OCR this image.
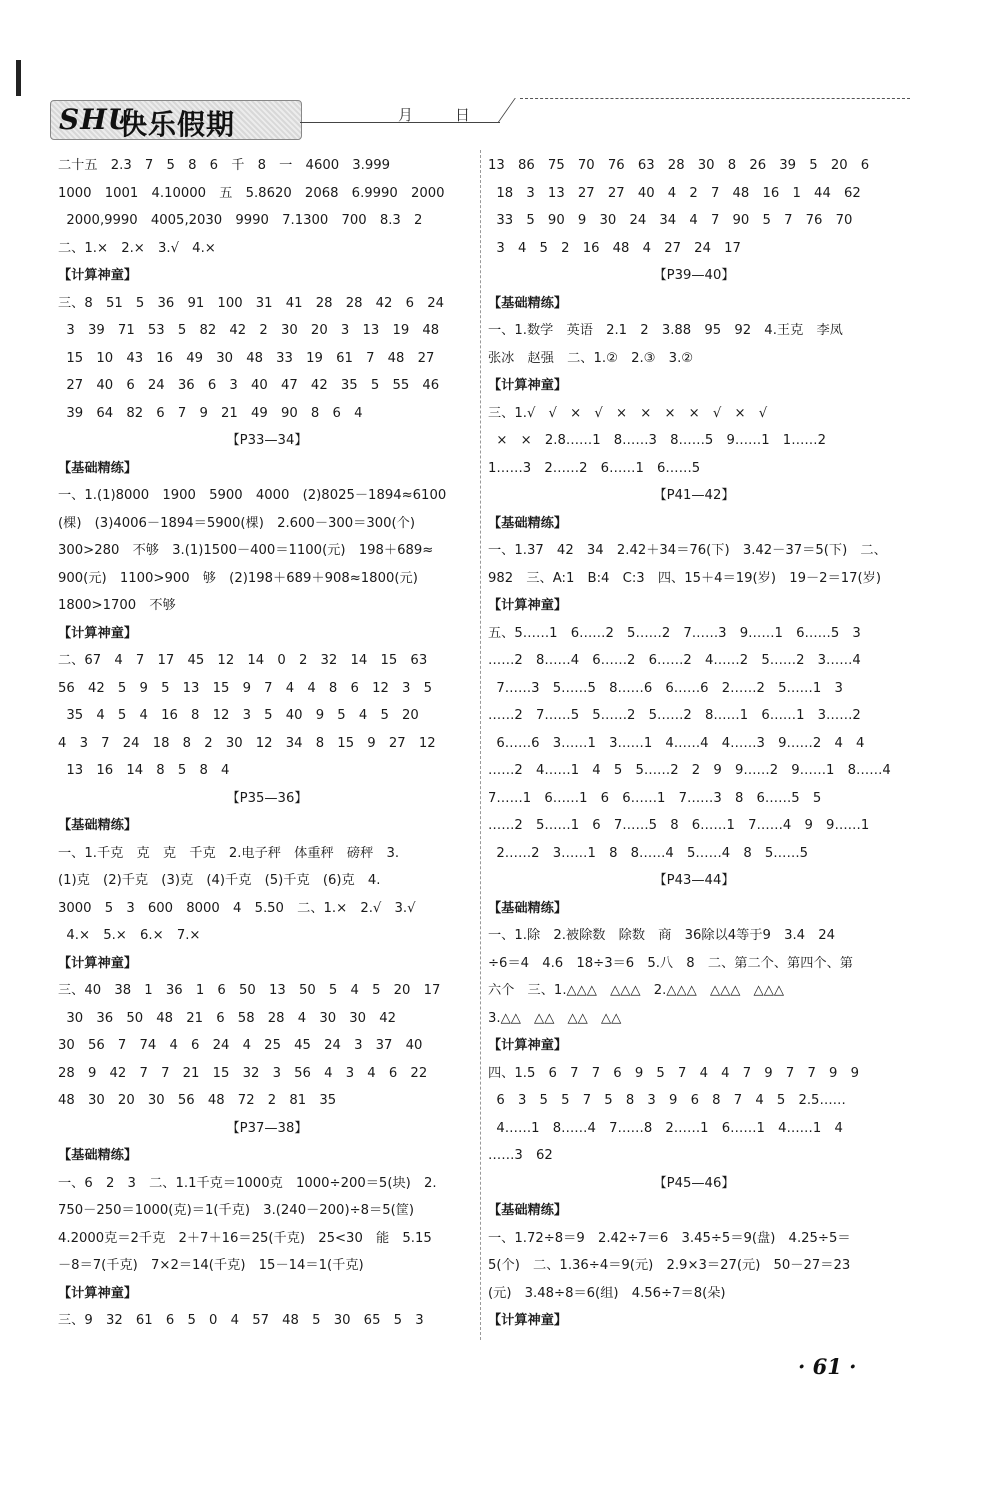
SHU
快乐假期	月	日
二十五　2.3　7　5　8　6　千　8　一　4600　3.999
1000　1001　4.10000　五　5.8620　2068　6.9990　2000
2000,9990　4005,2030　9990　7.1300　700　8.3　2
二、1.×　2.×　3.√　4.×
【计算神童】
三、8　51　5　36　91　100　31　41　28　28　42　6　24
3　39　71　53　5　82　42　2　30　20　3　13　19　48
15　10　43　16　49　30　48　33　19　61　7　48　27
27　40　6　24　36　6　3　40　47　42　35　5　55　46
39　64　82　6　7　9　21　49　90　8　6　4
【P33—34】
【基础精练】
一、1.(1)8000　1900　5900　4000　(2)8025－1894≈6100
(棵)　(3)4006－1894＝5900(棵)　2.600－300＝300(个)
300>280　不够　3.(1)1500－400＝1100(元)　198＋689≈
900(元)　1100>900　够　(2)198＋689＋908≈1800(元)
1800>1700　不够
【计算神童】
二、67　4　7　17　45　12　14　0　2　32　14　15　63
56　42　5　9　5　13　15　9　7　4　4　8　6　12　3　5
35　4　5　4　16　8　12　3　5　40　9　5　4　5　20
4　3　7　24　18　8　2　30　12　34　8　15　9　27　12
13　16　14　8　5　8　4
【P35—36】
【基础精练】
一、1.千克　克　克　千克　2.电子秤　体重秤　磅秤　3.
(1)克　(2)千克　(3)克　(4)千克　(5)千克　(6)克　4.
3000　5　3　600　8000　4　5.50　二、1.×　2.√　3.√
4.×　5.×　6.×　7.×
【计算神童】
三、40　38　1　36　1　6　50　13　50　5　4　5　20　17
30　36　50　48　21　6　58　28　4　30　30　42
30　56　7　74　4　6　24　4　25　45　24　3　37　40
28　9　42　7　7　21　15　32　3　56　4　3　4　6　22
48　30　20　30　56　48　72　2　81　35
【P37—38】
【基础精练】
一、6　2　3　二、1.1千克＝1000克　1000÷200＝5(块)　2.
750－250＝1000(克)＝1(千克)　3.(240－200)÷8＝5(筐)
4.2000克＝2千克　2＋7＋16＝25(千克)　25<30　能　5.15
－8＝7(千克)　7×2＝14(千克)　15－14＝1(千克)
【计算神童】
三、9　32　61　6　5　0　4　57　48　5　30　65　5　3
13　86　75　70　76　63　28　30　8　26　39　5　20　6
18　3　13　27　27　40　4　2　7　48　16　1　44　62
33　5　90　9　30　24　34　4　7　90　5　7　76　70
3　4　5　2　16　48　4　27　24　17
【P39—40】
【基础精练】
一、1.数学　英语　2.1　2　3.88　95　92　4.王克　李凤
张冰　赵强　二、1.②　2.③　3.②
【计算神童】
三、1.√　√　×　√　×　×　×　×　√　×　√
×　×　2.8……1　8……3　8……5　9……1　1……2
1……3　2……2　6……1　6……5
【P41—42】
【基础精练】
一、1.37　42　34　2.42＋34＝76(下)　3.42－37＝5(下)　二、
982　三、A:1　B:4　C:3　四、15＋4＝19(岁)　19－2＝17(岁)
【计算神童】
五、5……1　6……2　5……2　7……3　9……1　6……5　3
……2　8……4　6……2　6……2　4……2　5……2　3……4
7……3　5……5　8……6　6……6　2……2　5……1　3
……2　7……5　5……2　5……2　8……1　6……1　3……2
6……6　3……1　3……1　4……4　4……3　9……2　4　4
……2　4……1　4　5　5……2　2　9　9……2　9……1　8……4
7……1　6……1　6　6……1　7……3　8　6……5　5
……2　5……1　6　7……5　8　6……1　7……4　9　9……1
2……2　3……1　8　8……4　5……4　8　5……5
【P43—44】
【基础精练】
一、1.除　2.被除数　除数　商　36除以4等于9　3.4　24
÷6＝4　4.6　18÷3＝6　5.八　8　二、第二个、第四个、第
六个　三、1.△△△　△△△　2.△△△　△△△　△△△
3.△△　△△　△△　△△
【计算神童】
四、1.5　6　7　7　6　9　5　7　4　4　7　9　7　7　9　9
6　3　5　5　7　5　8　3　9　6　8　7　4　5　2.5……
4……1　8……4　7……8　2……1　6……1　4……1　4
……3　62
【P45—46】
【基础精练】
一、1.72÷8＝9　2.42÷7＝6　3.45÷5＝9(盘)　4.25÷5＝
5(个)　二、1.36÷4＝9(元)　2.9×3＝27(元)　50－27＝23
(元)　3.48÷8＝6(组)　4.56÷7＝8(朵)
【计算神童】
· 61 ·
